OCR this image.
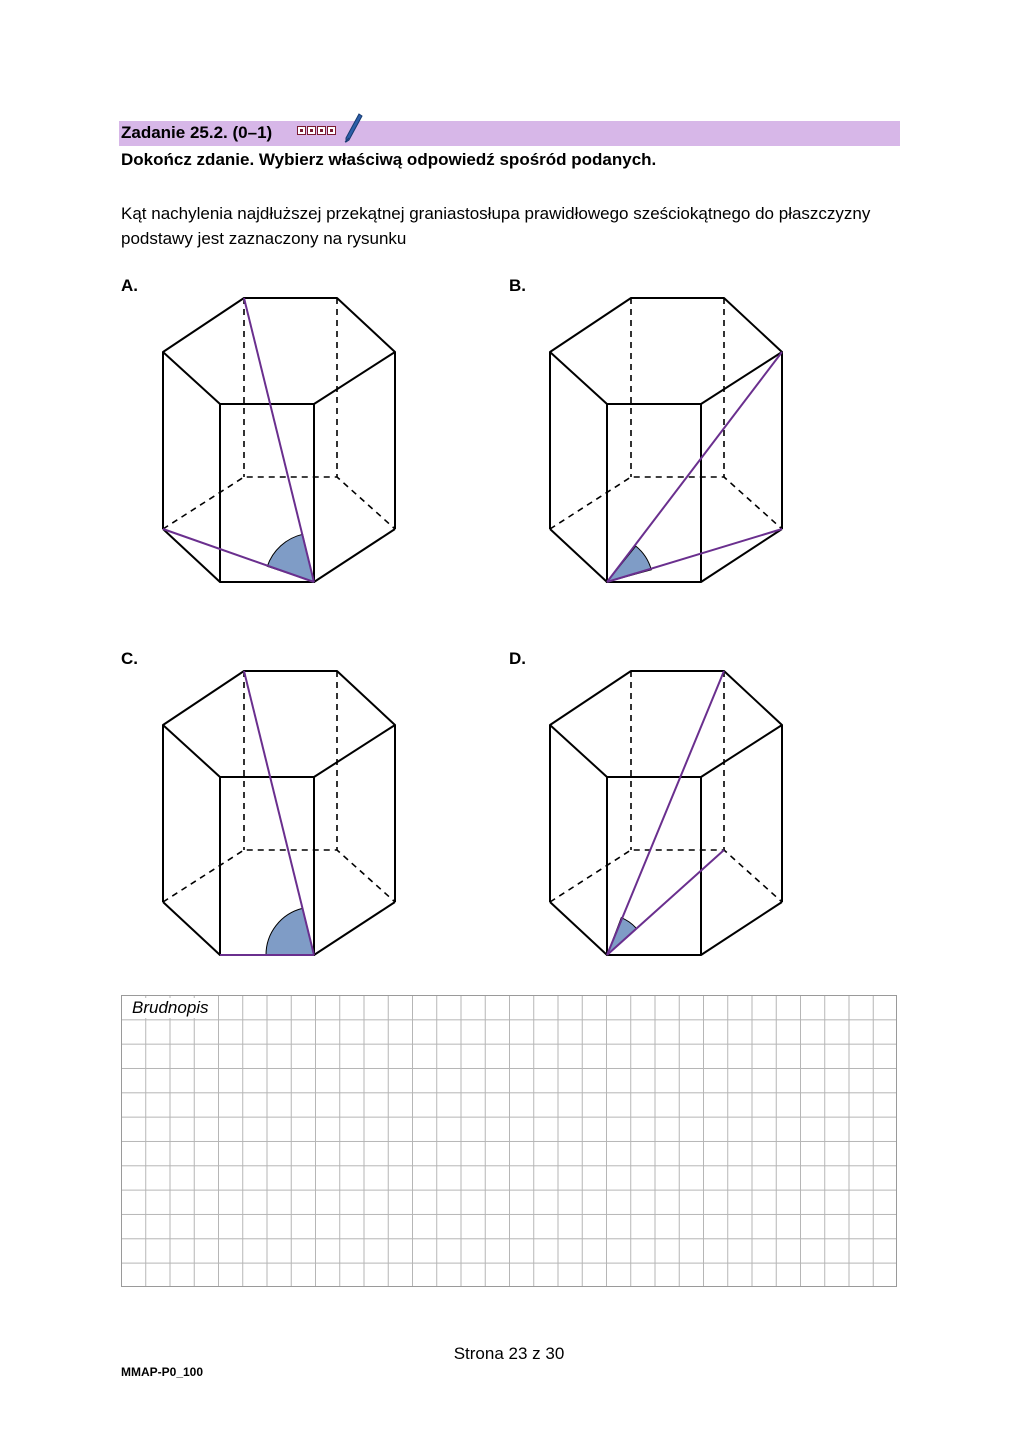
Zadanie 25.2. (0–1)
Dokończ zdanie. Wybierz właściwą odpowiedź spośród podanych.
Kąt nachylenia najdłuższej przekątnej graniastosłupa prawidłowego sześciokątnego do płaszczyzny podstawy jest zaznaczony na rysunku
A.	B.
C.	D.
Brudnopis
Strona 23 z 30
MMAP-P0_100
